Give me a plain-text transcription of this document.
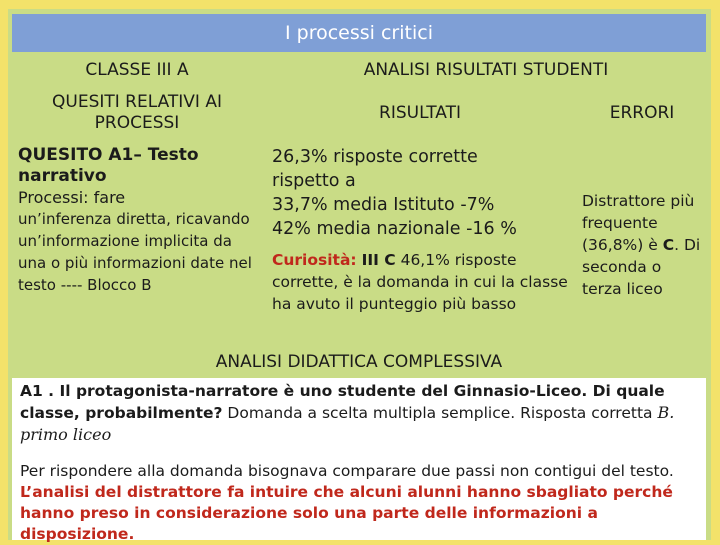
I processi critici
CLASSE III A	ANALISI RISULTATI STUDENTI
QUESITI RELATIVI AI PROCESSI
RISULTATI	ERRORI
QUESITO A1– Testo narrativo
Processi: fare
un’inferenza diretta, ricavando un’informazione implicita da una o più informazioni date nel testo ---- Blocco B
26,3% risposte corrette
rispetto a
33,7% media Istituto -7%
42% media nazionale -16 %
Curiosità: III C 46,1% risposte corrette, è la domanda in cui la classe ha avuto il punteggio più basso
Distrattore più frequente (36,8%) è C. Di seconda o terza liceo
ANALISI DIDATTICA COMPLESSIVA
A1 . Il protagonista-narratore è uno studente del Ginnasio-Liceo. Di quale classe, probabilmente? Domanda a scelta multipla semplice. Risposta corretta B. primo liceo
Per rispondere alla domanda bisognava comparare due passi non contigui del testo. L’analisi del distrattore fa intuire che alcuni alunni hanno sbagliato perché hanno preso in considerazione solo una parte delle informazioni a disposizione.
